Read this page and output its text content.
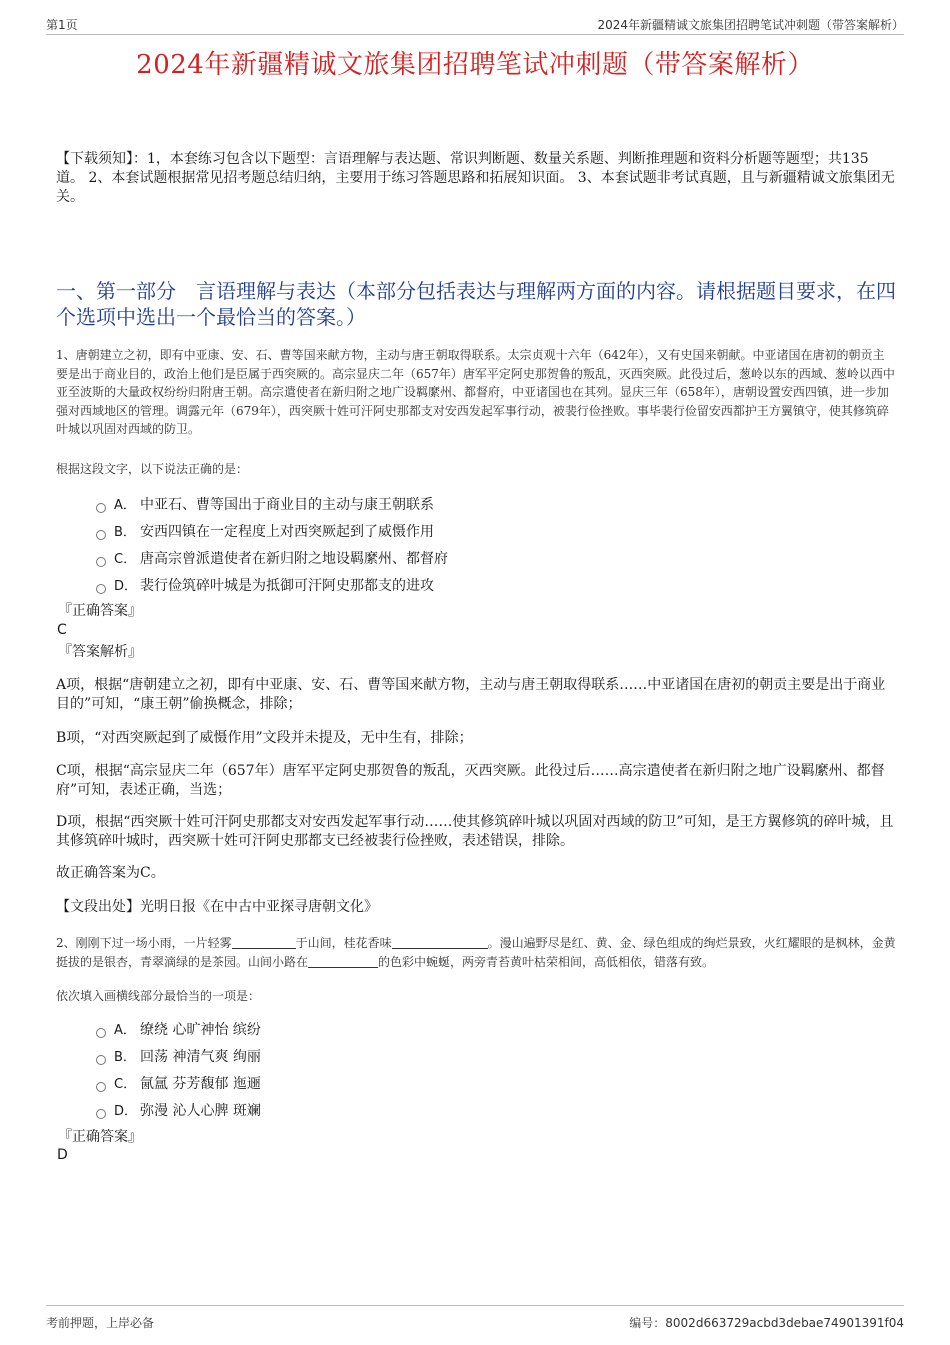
第1页	2024年新疆精诚文旅集团招聘笔试冲刺题（带答案解析）
2024年新疆精诚文旅集团招聘笔试冲刺题（带答案解析）
【下载须知】：1，本套练习包含以下题型：言语理解与表达题、常识判断题、数量关系题、判断推理题和资料分析题等题型；共135道。 2、本套试题根据常见招考题总结归纳，主要用于练习答题思路和拓展知识面。 3、本套试题非考试真题，且与新疆精诚文旅集团无关。
一、第一部分　言语理解与表达（本部分包括表达与理解两方面的内容。请根据题目要求，在四个选项中选出一个最恰当的答案。）
1、唐朝建立之初，即有中亚康、安、石、曹等国来献方物，主动与唐王朝取得联系。太宗贞观十六年（642年），又有史国来朝献。中亚诸国在唐初的朝贡主要是出于商业目的，政治上他们是臣属于西突厥的。高宗显庆二年（657年）唐军平定阿史那贺鲁的叛乱，灭西突厥。此役过后，葱岭以东的西域、葱岭以西中亚至波斯的大量政权纷纷归附唐王朝。高宗遣使者在新归附之地广设羁縻州、都督府，中亚诸国也在其列。显庆三年（658年），唐朝设置安西四镇，进一步加强对西域地区的管理。调露元年（679年），西突厥十姓可汗阿史那都支对安西发起军事行动，被裴行俭挫败。事毕裴行俭留安西都护王方翼镇守，使其修筑碎叶城以巩固对西域的防卫。
根据这段文字，以下说法正确的是：
A． 中亚石、曹等国出于商业目的主动与康王朝联系
B． 安西四镇在一定程度上对西突厥起到了威慑作用
C． 唐高宗曾派遣使者在新归附之地设羁縻州、都督府
D． 裴行俭筑碎叶城是为抵御可汗阿史那都支的进攻
『正确答案』
C
『答案解析』
A项，根据“唐朝建立之初，即有中亚康、安、石、曹等国来献方物，主动与唐王朝取得联系……中亚诸国在唐初的朝贡主要是出于商业目的”可知，“康王朝”偷换概念，排除；
B项，“对西突厥起到了威慑作用”文段并未提及，无中生有，排除；
C项，根据“高宗显庆二年（657年）唐军平定阿史那贺鲁的叛乱，灭西突厥。此役过后……高宗遣使者在新归附之地广设羁縻州、都督府”可知，表述正确，当选；
D项，根据“西突厥十姓可汗阿史那都支对安西发起军事行动……使其修筑碎叶城以巩固对西域的防卫”可知，是王方翼修筑的碎叶城，且其修筑碎叶城时，西突厥十姓可汗阿史那都支已经被裴行俭挫败，表述错误，排除。
故正确答案为C。
【文段出处】光明日报《在中古中亚探寻唐朝文化》
2、刚刚下过一场小雨，一片轻雾	于山间，桂花香味	。漫山遍野尽是红、黄、金、绿色组成的绚烂景致，火红耀眼的是枫林，金黄挺拔的是银杏，青翠滴绿的是茶园。山间小路在	的色彩中蜿蜒，两旁青苔黄叶枯荣相间，高低相依，错落有致。
依次填入画横线部分最恰当的一项是：
A． 缭绕 心旷神怡 缤纷
B． 回荡 神清气爽 绚丽
C． 氤氲 芬芳馥郁 迤逦
D． 弥漫 沁人心脾 斑斓
『正确答案』
D
考前押题，上岸必备	编号：8002d663729acbd3debae74901391f04
